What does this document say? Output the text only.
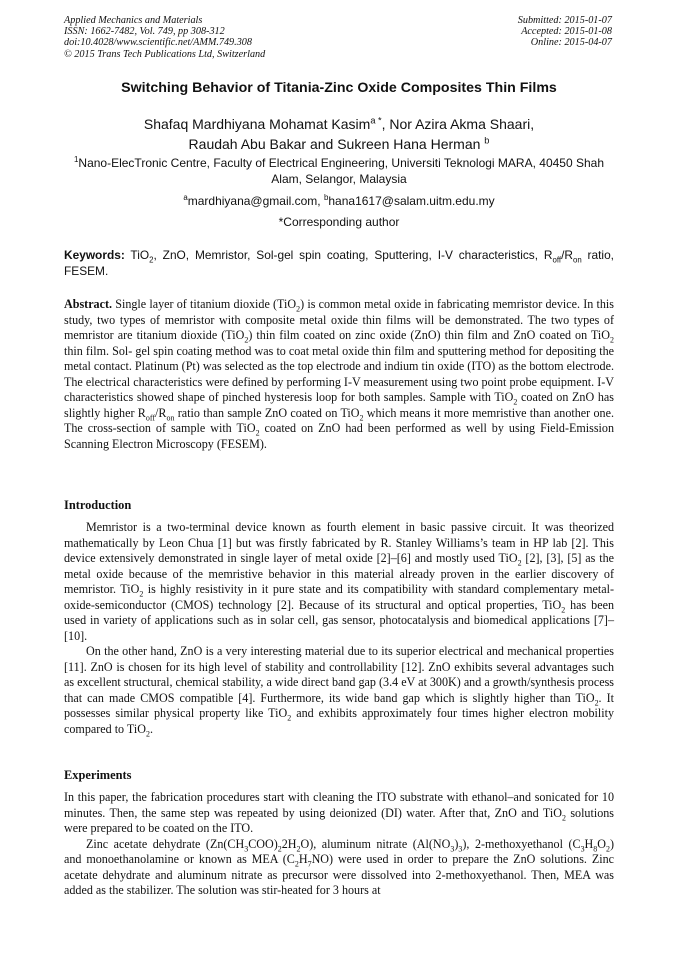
Applied Mechanics and Materials
ISSN: 1662-7482, Vol. 749, pp 308-312
doi:10.4028/www.scientific.net/AMM.749.308
© 2015 Trans Tech Publications Ltd, Switzerland
Submitted: 2015-01-07
Accepted: 2015-01-08
Online: 2015-04-07
Switching Behavior of Titania-Zinc Oxide Composites Thin Films
Shafaq Mardhiyana Mohamat Kasim$^{a *}$, Nor Azira Akma Shaari,
Raudah Abu Bakar and Sukreen Hana Herman $^b$
$^1$Nano-ElecTronic Centre, Faculty of Electrical Engineering, Universiti Teknologi MARA, 40450 Shah Alam, Selangor, Malaysia
$^a$mardhiyana@gmail.com, $^b$hana1617@salam.uitm.edu.my
*Corresponding author
Keywords: TiO$_2$, ZnO, Memristor, Sol-gel spin coating, Sputtering, I-V characteristics, $R_{off}/R_{on}$ ratio, FESEM.

Abstract. Single layer of titanium dioxide (TiO$_2$) is common metal oxide in fabricating memristor device. In this study, two types of memristor with composite metal oxide thin films will be demonstrated. The two types of memristor are titanium dioxide (TiO$_2$) thin film coated on zinc oxide (ZnO) thin film and ZnO coated on TiO$_2$ thin film. Sol- gel spin coating method was to coat metal oxide thin film and sputtering method for depositing the metal contact. Platinum (Pt) was selected as the top electrode and indium tin oxide (ITO) as the bottom electrode. The electrical characteristics were defined by performing I-V measurement using two point probe equipment. I-V characteristics showed shape of pinched hysteresis loop for both samples. Sample with TiO$_2$ coated on ZnO has slightly higher $R_{off}/R_{on}$ ratio than sample ZnO coated on TiO$_2$ which means it more memristive than another one. The cross-section of sample with TiO$_2$ coated on ZnO had been performed as well by using Field-Emission Scanning Electron Microscopy (FESEM).

Introduction

Memristor is a two-terminal device known as fourth element in basic passive circuit. It was theorized mathematically by Leon Chua [1] but was firstly fabricated by R. Stanley Williams’s team in HP lab [2]. This device extensively demonstrated in single layer of metal oxide [2]–[6] and mostly used TiO$_2$ [2], [3], [5] as the metal oxide because of the memristive behavior in this material already proven in the earlier discovery of memristor. TiO$_2$ is highly resistivity in it pure state and its compatibility with standard complementary metal-oxide-semiconductor (CMOS) technology [2]. Because of its structural and optical properties, TiO$_2$ has been used in variety of applications such as in solar cell, gas sensor, photocatalysis and biomedical applications [7]–[10].

On the other hand, ZnO is a very interesting material due to its superior electrical and mechanical properties [11]. ZnO is chosen for its high level of stability and controllability [12]. ZnO exhibits several advantages such as excellent structural, chemical stability, a wide direct band gap (3.4 eV at 300K) and a growth/synthesis process that can made CMOS compatible [4]. Furthermore, its wide band gap which is slightly higher than TiO$_2$. It possesses similar physical property like TiO$_2$ and exhibits approximately four times higher electron mobility compared to TiO$_2$.

Experiments

In this paper, the fabrication procedures start with cleaning the ITO substrate with ethanol–and sonicated for 10 minutes. Then, the same step was repeated by using deionized (DI) water. After that, ZnO and TiO$_2$ solutions were prepared to be coated on the ITO.

Zinc acetate dehydrate $(Zn(CH_3COO)_22H_2O)$, aluminum nitrate $(Al(NO_3)_3)$, 2-methoxyethanol $(C_3H_8O_2)$ and monoethanolamine or known as MEA $(C_2H_7NO)$ were used in order to prepare the ZnO solutions. Zinc acetate dehydrate and aluminum nitrate as precursor were dissolved into 2-methoxyethanol. Then, MEA was added as the stabilizer. The solution was stir-heated for 3 hours at
